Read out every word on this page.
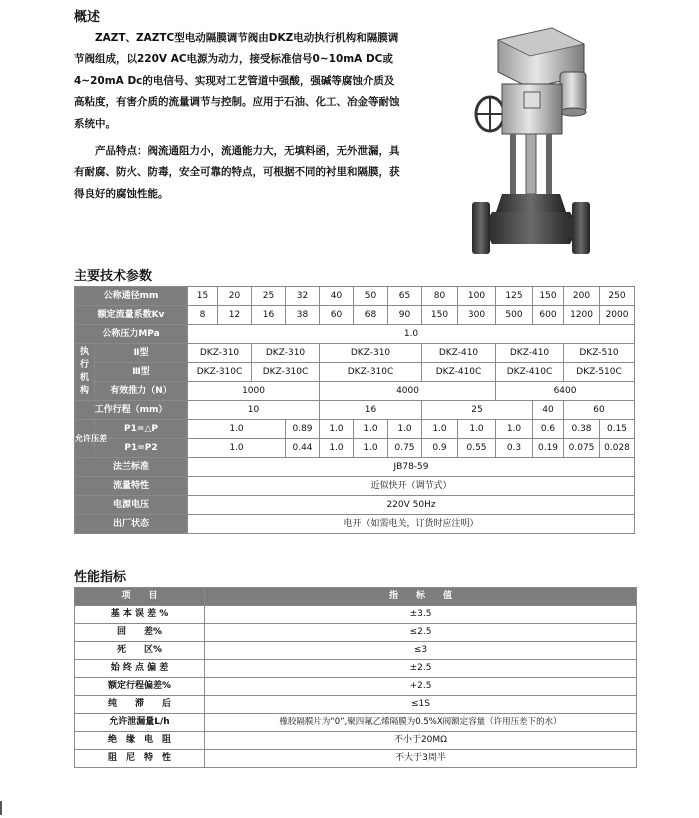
概述

ZAZT、ZAZTC型电动隔膜调节阀由DKZ电动执行机构和隔膜调节阀组成，以220V AC电源为动力，接受标准信号0~10mA DC或4~20mA Dc的电信号、实现对工艺管道中强酸，强碱等腐蚀介质及高粘度，有害介质的流量调节与控制。应用于石油、化工、冶金等耐蚀系统中。

产品特点：阀流通阻力小，流通能力大，无填料函，无外泄漏，具有耐腐、防火、防毒，安全可靠的特点，可根据不同的衬里和隔膜，获得良好的腐蚀性能。

主要技术参数
公称通径mm		15	20	25	32	40	50	65	80	100	125	150	200	250
额定流量系数Kv		8	12	16	38	60	68	90	150	300	500	600	1200	2000
公称压力MPa		1.0												
执行机构	Ⅱ型	DKZ-310		DKZ-310		DKZ-310			DKZ-410		DKZ-410		DKZ-510	
	Ⅲ型	DKZ-310C		DKZ-310C		DKZ-310C			DKZ-410C		DKZ-410C		DKZ-510C	
	有效推力（N）	1000				4000					6400			
工作行程（mm）		10				16			25			40	60	
允许压差	P1=△P	1.0			0.89	1.0	1.0	1.0	1.0	1.0	1.0	0.6	0.38	0.15
	P1=P2	1.0			0.44	1.0	1.0	0.75	0.9	0.55	0.3	0.19	0.075	0.028
法兰标准		JB78-59												
流量特性		近似快开（调节式）												
电源电压		220V 50Hz												
出厂状态		电开（如需电关，订货时应注明）												
性能指标
项　　目	指　　标　　值
基 本 误 差 %	±3.5
回　　差%	≤2.5
死　　区%	≤3
始 终 点 偏 差	±2.5
额定行程偏差%	+2.5
纯　　滞　　后	≤1S
允许泄漏量L/h	橡胶隔膜片为“0”,聚四氟乙烯隔膜为0.5%X阀额定容量（许用压差下的水）
绝　缘　电　阻	不小于20MΩ
阻　尼　特　性	不大于3周半
